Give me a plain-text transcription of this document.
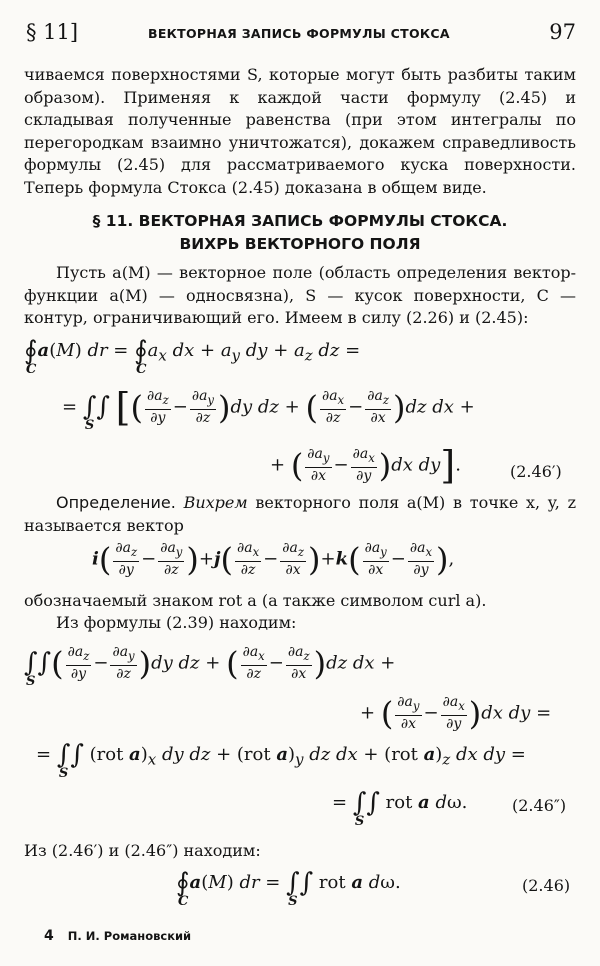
§ 11]	ВЕКТОРНАЯ ЗАПИСЬ ФОРМУЛЫ СТОКСА	97
чиваемся поверхностями S, которые могут быть разбиты таким образом). Применяя к каждой части формулу (2.45) и складывая полученные равенства (при этом интегралы по перегородкам взаимно уничтожатся), докажем справедливость формулы (2.45) для рассматриваемого куска поверхности. Теперь формула Стокса (2.45) доказана в общем виде.
§ 11. ВЕКТОРНАЯ ЗАПИСЬ ФОРМУЛЫ СТОКСА.
ВИХРЬ ВЕКТОРНОГО ПОЛЯ
Пусть a(M) — векторное поле (область определения вектор-функции a(M) — односвязна), S — кусок поверхности, C — контур, ограничивающий его. Имеем в силу (2.26) и (2.45):
∮
C
a(M) dr = ∮
C
$a_x$ dx + $a_y$ dy + $a_z$ dz =
= ∫∫
S [( $\frac{\partial a_z}{\partial y} - \frac{\partial a_y}{\partial z} )dy$ dz + ( $\frac{\partial a_x}{\partial z} - \frac{\partial a_z}{\partial x} )dz$ dx +
+ ( $\frac{\partial a_y}{\partial x} - \frac{\partial a_x}{\partial y} )dx$ dy].	(2.46′)
Определение. Вихрем векторного поля a(M) в точке x, y, z называется вектор
$i( \frac{\partial a_z}{\partial y} - \frac{\partial a_y}{\partial z} )+j( \frac{\partial a_x}{\partial z} - \frac{\partial a_z}{\partial x} )+k( \frac{\partial a_y}{\partial x} - \frac{\partial a_x}{\partial y}$ ),
обозначаемый знаком rot a (а также символом curl a).
Из формулы (2.39) находим:
∫∫
S ( $\frac{\partial a_z}{\partial y} - \frac{\partial a_y}{\partial z} )dy$ dz + ( $\frac{\partial a_x}{\partial z} - \frac{\partial a_z}{\partial x} )dz$ dx +
+ ( $\frac{\partial a_y}{\partial x} - \frac{\partial a_x}{\partial y} )dx$ dy =
= ∫∫
S
(rot $a)_x$ dy dz + (rot $a)_y$ dz dx + (rot $a)_z$ dx dy =
= ∫∫
S
rot a dω.	(2.46″)
Из (2.46′) и (2.46″) находим:
∮
C
a(M) dr = ∫∫
S
rot a dω.	(2.46)
4 П. И. Романовский
